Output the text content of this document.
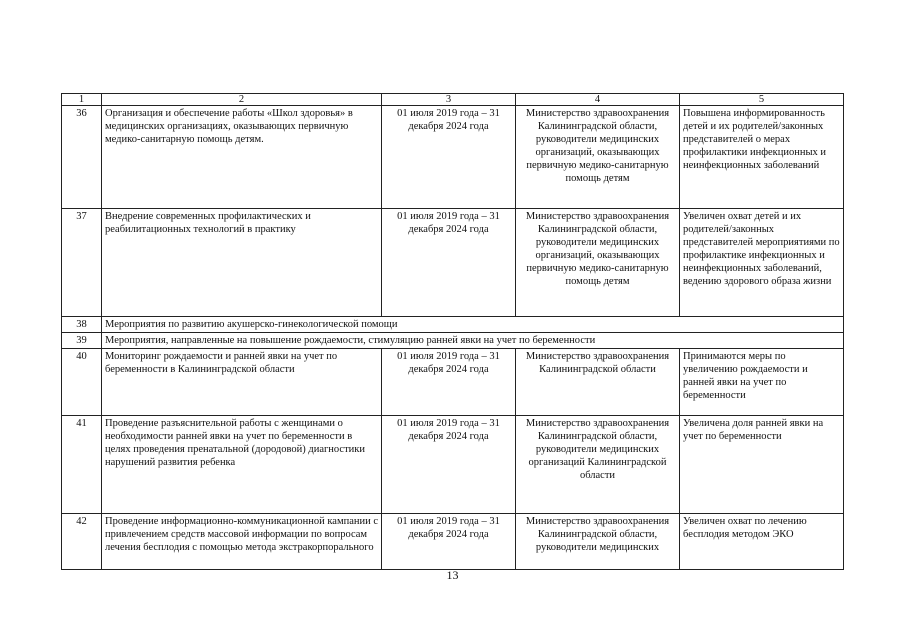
1	2	3	4	5
36	Организация и обеспечение работы «Школ здоровья» в медицинских организациях, оказывающих первичную медико-санитарную помощь детям.	01 июля 2019 года – 31 декабря 2024 года	Министерство здравоохранения Калининградской области, руководители медицинских организаций, оказывающих первичную медико-санитарную помощь детям	Повышена информированность детей и их родителей/законных представителей о мерах профилактики инфекционных и неинфекционных заболеваний
37	Внедрение современных профилактических и реабилитационных технологий в практику	01 июля 2019 года – 31 декабря 2024 года	Министерство здравоохранения Калининградской области, руководители медицинских организаций, оказывающих первичную медико-санитарную помощь детям	Увеличен охват детей и их родителей/законных представителей мероприятиями по профилактике инфекционных и неинфекционных заболеваний, ведению здорового образа жизни
38	Мероприятия по развитию акушерско-гинекологической помощи			
39	Мероприятия, направленные на повышение рождаемости, стимуляцию ранней явки на учет по беременности			
40	Мониторинг рождаемости и ранней явки на учет по беременности в Калининградской области	01 июля 2019 года – 31 декабря 2024 года	Министерство здравоохранения Калининградской области	Принимаются меры по увеличению рождаемости и ранней явки на учет по беременности
41	Проведение разъяснительной работы с женщинами о необходимости ранней явки на учет по беременности в целях проведения пренатальной (дородовой) диагностики нарушений развития ребенка	01 июля 2019 года – 31 декабря 2024 года	Министерство здравоохранения Калининградской области, руководители медицинских организаций Калининградской области	Увеличена доля ранней явки на учет по беременности
42	Проведение информационно-коммуникационной кампании с привлечением средств массовой информации по вопросам лечения бесплодия с помощью метода экстракорпорального	01 июля 2019 года – 31 декабря 2024 года	Министерство здравоохранения Калининградской области, руководители медицинских	Увеличен охват по лечению бесплодия методом ЭКО
13
